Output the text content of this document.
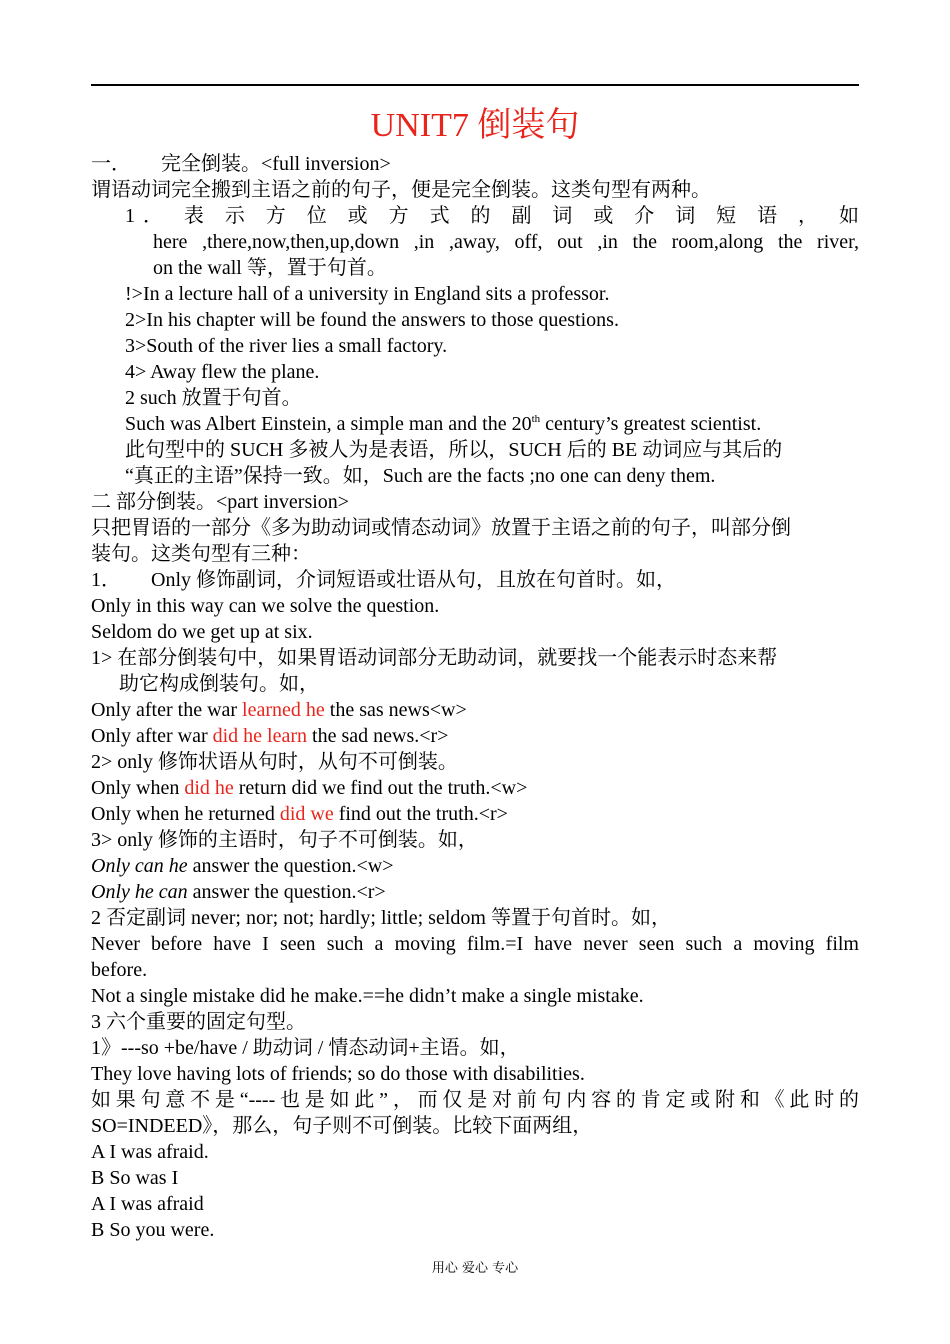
UNIT7 倒装句
一． 完全倒装。<full inversion>
谓语动词完全搬到主语之前的句子，便是完全倒装。这类句型有两种。
1． 表 示 方 位 或 方 式 的 副 词 或 介 词 短 语 ， 如
here ,there,now,then,up,down ,in ,away, off, out ,in the room,along the river,
on the wall 等，置于句首。
!>In a lecture hall of a university in England sits a professor.
2>In his chapter will be found the answers to those questions.
3>South of the river lies a small factory.
4> Away flew the plane.
2 such 放置于句首。
Such was Albert Einstein, a simple man and the 20th century’s greatest scientist.
此句型中的 SUCH 多被人为是表语，所以，SUCH 后的 BE 动词应与其后的
“真正的主语”保持一致。如，Such are the facts ;no one can deny them.
二 部分倒装。<part inversion>
只把胃语的一部分《多为助动词或情态动词》放置于主语之前的句子，叫部分倒
装句。这类句型有三种：
1． Only 修饰副词，介词短语或壮语从句，且放在句首时。如，
Only in this way can we solve the question.
Seldom do we get up at six.
1> 在部分倒装句中，如果胃语动词部分无助动词，就要找一个能表示时态来帮
助它构成倒装句。如，
Only after the war learned he the sas news<w>
Only after war did he learn the sad news.<r>
2> only 修饰状语从句时，从句不可倒装。
Only when did he return did we find out the truth.<w>
Only when he returned did we find out the truth.<r>
3> only 修饰的主语时，句子不可倒装。如，
Only can he answer the question.<w>
Only he can answer the question.<r>
2 否定副词 never; nor; not; hardly; little; seldom 等置于句首时。如，
Never before have I seen such a moving film.=I have never seen such a moving film
before.
Not a single mistake did he make.==he didn’t make a single mistake.
3 六个重要的固定句型。
1》---so +be/have / 助动词 / 情态动词+主语。如，
They love having lots of friends; so do those with disabilities.
如果句意不是“----也是如此”，而仅是对前句内容的肯定或附和《此时的
SO=INDEED》，那么，句子则不可倒装。比较下面两组，
A I was afraid.
B So was I
A I was afraid
B So you were.
用心 爱心 专心
